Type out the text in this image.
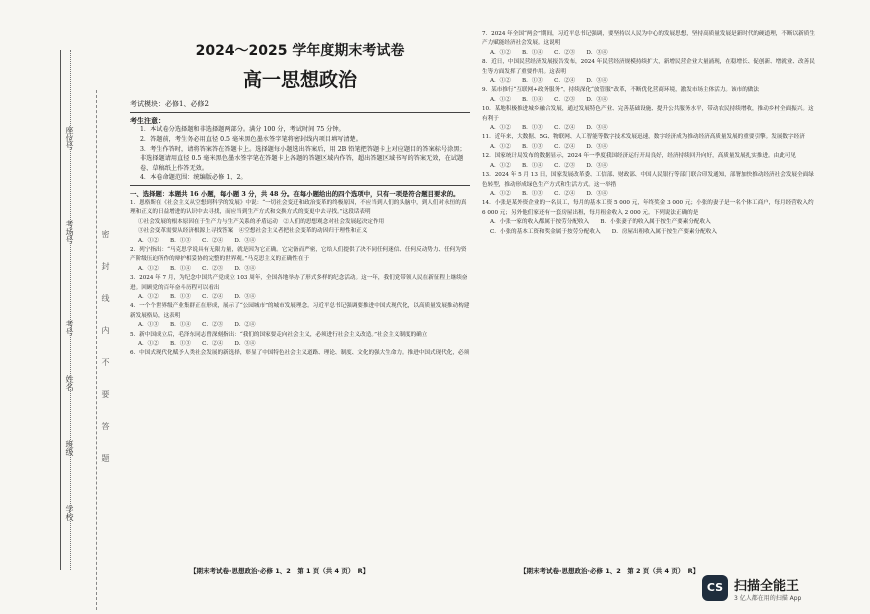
座位号
考场号
考号
姓名
班级
学校
密　封　线　内　不　要　答　题
2024～2025 学年度期末考试卷
高一思想政治
考试模块：必修1、必修2
考生注意：
1．本试卷分选择题和非选择题两部分。满分 100 分，考试时间 75 分钟。
2．答题前，考生务必用直径 0.5 毫米黑色墨水签字笔将密封线内项目填写清楚。
3．考生作答时，请将答案答在答题卡上。选择题每小题选出答案后，用 2B 铅笔把答题卡上对应题目的答案标号涂黑；非选择题请用直径 0.5 毫米黑色墨水签字笔在答题卡上各题的答题区域内作答，超出答题区域书写的答案无效，在试题卷、草稿纸上作答无效。
4．本卷命题范围：统编版必修 1、2。
一、选择题：本题共 16 小题，每小题 3 分，共 48 分。在每小题给出的四个选项中，只有一项是符合题目要求的。

1．恩格斯在《社会主义从空想到科学的发展》中说：“一切社会变迁和政治变革的终极原因，不应当到人们的头脑中，到人们对永恒的真理和正义的日益增进的认识中去寻找，而应当到生产方式和交换方式的变更中去寻找。”这段话表明

①社会发展的根本原因在于生产力与生产关系的矛盾运动　②人们的思想观念对社会发展起决定作用

③社会变革需要从经济根源上寻找答案　④空想社会主义者把社会变革的动因归于理性和正义

A．①②　　B．①③　　C．②④　　D．③④

2．列宁指出：“马克思学说具有无限力量，就是因为它正确。它完备而严密，它给人们提供了决不同任何迷信、任何反动势力、任何为资产阶级压迫所作的辩护相妥协的完整的世界观。”马克思主义的正确性在于

A．①②　　B．①④　　C．②③　　D．③④

3．2024 年 7 月，为纪念中国共产党成立 103 周年，全国各地举办了形式多样的纪念活动。这一年，我们党带领人民在新征程上继续奋进。回顾党的百年奋斗历程可以看出

A．①②　　B．①③　　C．②④　　D．③④

4．一个个世界级产业集群正在形成，展示了“公园城市”的城市发展理念。习近平总书记强调要推进中国式现代化，以高质量发展推动构建新发展格局，这表明

A．①③　　B．①④　　C．②③　　D．②④

5．新中国成立后，毛泽东同志曾深刻指出：“我们的国家要走向社会主义，必须进行社会主义改造。”社会主义制度的确立

A．①②　　B．①③　　C．②④　　D．③④

6．中国式现代化赋予人类社会发展的新选择，彰显了中国特色社会主义道路、理论、制度、文化的强大生命力。推进中国式现代化，必须

7．2024 年全国“两会”期间，习近平总书记强调，要坚持以人民为中心的发展思想，坚持高质量发展是新时代的硬道理，不断以新质生产力赋能经济社会发展。这说明

A．①②　　B．①④　　C．②③　　D．③④

8．近日，中国民营经济发展报告发布，2024 年民营经济规模持续扩大，新增民营企业大量涌现，在稳增长、促创新、增就业、改善民生等方面发挥了重要作用。这表明

A．①②　　B．①③　　C．②④　　D．③④

9．某市推行“互联网+政务服务”，持续深化“放管服”改革，不断优化营商环境，激发市场主体活力。该市的做法

A．①②　　B．①④　　C．②③　　D．③④

10．某地积极推进城乡融合发展，通过发展特色产业、完善基础设施、提升公共服务水平，带动农民持续增收，推动乡村全面振兴。这有利于

A．①②　　B．①③　　C．②④　　D．③④

11．近年来，大数据、5G、物联网、人工智能等数字技术发展迅速，数字经济成为推动经济高质量发展的重要引擎。发展数字经济

A．①②　　B．①③　　C．②④　　D．③④

12．国家统计局发布的数据显示，2024 年一季度我国经济运行开局良好，经济持续回升向好，高质量发展扎实推进。由此可见

A．①②　　B．①④　　C．②③　　D．③④

13．2024 年 5 月 13 日，国家发展改革委、工信部、财政部、中国人民银行等部门联合印发通知，部署加快推动经济社会发展全面绿色转型，推动形成绿色生产方式和生活方式。这一举措

A．①②　　B．①③　　C．②④　　D．③④

14．小张是某外资企业的一名员工，每月的基本工资 5 000 元，年终奖金 3 000 元；小张的妻子是一名个体工商户，每月经营收入约 6 000 元；另外他们家还有一套房屋出租，每月租金收入 2 000 元。下列说法正确的是

A．小张一家的收入都属于按劳分配收入　　B．小张妻子的收入属于按生产要素分配收入

C．小张的基本工资和奖金属于按劳分配收入　　D．房屋出租收入属于按生产要素分配收入

【期末考试卷·思想政治·必修 1、2　第 1 页（共 4 页）　R】	【期末考试卷·思想政治·必修 1、2　第 2 页（共 4 页）　R】
CS 扫描全能王
3 亿人都在用的扫描 App
